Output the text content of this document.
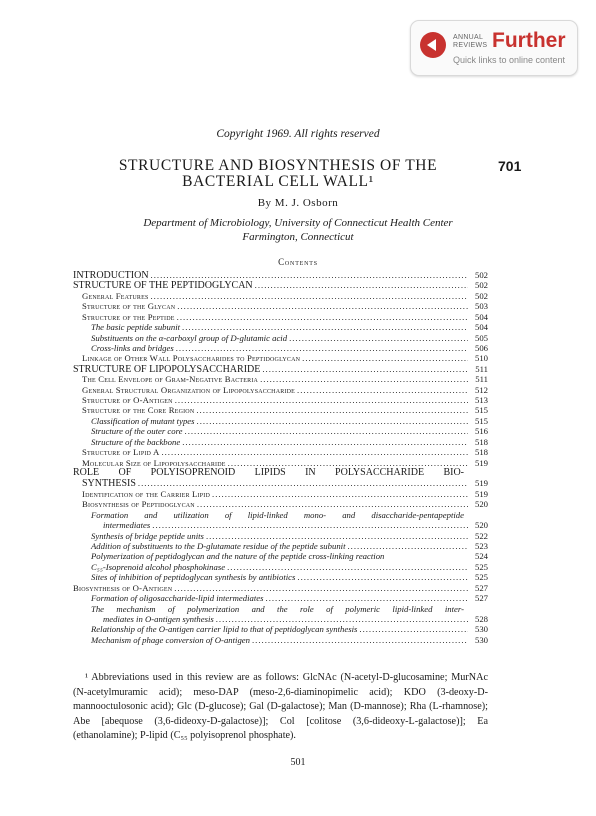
ANNUAL
REVIEWS Further
Quick links to online content
Copyright 1969. All rights reserved
STRUCTURE AND BIOSYNTHESIS OF THE BACTERIAL CELL WALL¹
701
By M. J. Osborn
Department of Microbiology, University of Connecticut Health Center
Farmington, Connecticut
Contents
INTRODUCTION .....	502
STRUCTURE OF THE PEPTIDOGLYCAN .....	502
General Features .....	502
Structure of the Glycan .....	503
Structure of the Peptide .....	504
The basic peptide subunit .....	504
Substituents on the α-carboxyl group of D-glutamic acid .....	505
Cross-links and bridges .....	506
Linkage of Other Wall Polysaccharides to Peptidoglycan .....	510
STRUCTURE OF LIPOPOLYSACCHARIDE .....	511
The Cell Envelope of Gram-Negative Bacteria .....	511
General Structural Organization of Lipopolysaccharide .....	512
Structure of O-Antigen .....	513
Structure of the Core Region .....	515
Classification of mutant types .....	515
Structure of the outer core .....	516
Structure of the backbone .....	518
Structure of Lipid A .....	518
Molecular Size of Lipopolysaccharide .....	519
ROLE OF POLYISOPRENOID LIPIDS IN POLYSACCHARIDE BIO-
SYNTHESIS .....	519
Identification of the Carrier Lipid .....	519
Biosynthesis of Peptidoglycan .....	520
Formation and utilization of lipid-linked mono- and disaccharide-pentapeptide
intermediates .....	520
Synthesis of bridge peptide units .....	522
Addition of substituents to the D-glutamate residue of the peptide subunit .....	523
Polymerization of peptidoglycan and the nature of the peptide cross-linking reaction	524
C₅₅-Isoprenoid alcohol phosphokinase .....	525
Sites of inhibition of peptidoglycan synthesis by antibiotics .....	525
Biosynthesis of O-Antigen .....	527
Formation of oligosaccharide-lipid intermediates .....	527
The mechanism of polymerization and the role of polymeric lipid-linked inter-
mediates in O-antigen synthesis .....	528
Relationship of the O-antigen carrier lipid to that of peptidoglycan synthesis .....	530
Mechanism of phage conversion of O-antigen .....	530

¹ Abbreviations used in this review are as follows: GlcNAc (N-acetyl-D-glucosamine; MurNAc (N-acetylmuramic acid); meso-DAP (meso-2,6-diaminopimelic acid); KDO (3-deoxy-D-mannooctulosonic acid); Glc (D-glucose); Gal (D-galactose); Man (D-mannose); Rha (L-rhamnose); Abe [abequose (3,6-dideoxy-D-galactose)]; Col [colitose (3,6-dideoxy-L-galactose)]; Ea (ethanolamine); P-lipid (C₅₅ polyisoprenol phosphate).

501
